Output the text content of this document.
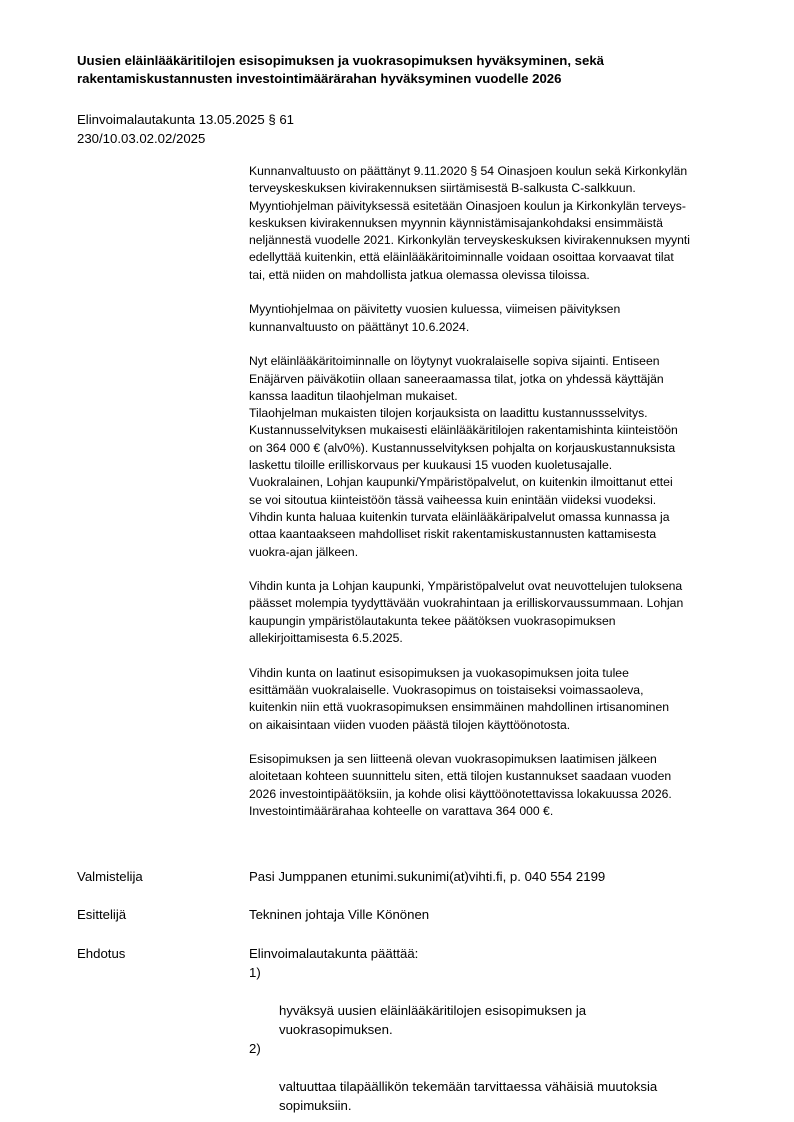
Uusien eläinlääkäritilojen esisopimuksen ja vuokrasopimuksen hyväksyminen, sekä rakentamiskustannusten investointimäärärahan hyväksyminen vuodelle 2026
Elinvoimalautakunta 13.05.2025 § 61
230/10.03.02.02/2025

Kunnanvaltuusto on päättänyt 9.11.2020 § 54 Oinasjoen koulun sekä Kirkonkylän
terveyskeskuksen kivirakennuksen siirtämisestä B-salkusta C-salkkuun.
Myyntiohjelman päivityksessä esitetään Oinasjoen koulun ja Kirkonkylän terveys-
keskuksen kivirakennuksen myynnin käynnistämisajankohdaksi ensimmäistä
neljännestä vuodelle 2021. Kirkonkylän terveyskeskuksen kivirakennuksen myynti
edellyttää kuitenkin, että eläinlääkäritoiminnalle voidaan osoittaa korvaavat tilat
tai, että niiden on mahdollista jatkua olemassa olevissa tiloissa.

Myyntiohjelmaa on päivitetty vuosien kuluessa, viimeisen päivityksen
kunnanvaltuusto on päättänyt 10.6.2024.

Nyt eläinlääkäritoiminnalle on löytynyt vuokralaiselle sopiva sijainti. Entiseen
Enäjärven päiväkotiin ollaan saneeraamassa tilat, jotka on yhdessä käyttäjän
kanssa laaditun tilaohjelman mukaiset.
Tilaohjelman mukaisten tilojen korjauksista on laadittu kustannussselvitys.
Kustannusselvityksen mukaisesti eläinlääkäritilojen rakentamishinta kiinteistöön
on 364 000 € (alv0%). Kustannusselvityksen pohjalta on korjauskustannuksista
laskettu tiloille erilliskorvaus per kuukausi 15 vuoden kuoletusajalle.
Vuokralainen, Lohjan kaupunki/Ympäristöpalvelut, on kuitenkin ilmoittanut ettei
se voi sitoutua kiinteistöön tässä vaiheessa kuin enintään viideksi vuodeksi.
Vihdin kunta haluaa kuitenkin turvata eläinlääkäripalvelut omassa kunnassa ja
ottaa kaantaakseen mahdolliset riskit rakentamiskustannusten kattamisesta
vuokra-ajan jälkeen.

Vihdin kunta ja Lohjan kaupunki, Ympäristöpalvelut ovat neuvottelujen tuloksena
päässet molempia tyydyttävään vuokrahintaan ja erilliskorvaussummaan. Lohjan
kaupungin ympäristölautakunta tekee päätöksen vuokrasopimuksen
allekirjoittamisesta 6.5.2025.

Vihdin kunta on laatinut esisopimuksen ja vuokasopimuksen joita tulee
esittämään vuokralaiselle. Vuokrasopimus on toistaiseksi voimassaoleva,
kuitenkin niin että vuokrasopimuksen ensimmäinen mahdollinen irtisanominen
on aikaisintaan viiden vuoden päästä tilojen käyttöönotosta.

Esisopimuksen ja sen liitteenä olevan vuokrasopimuksen laatimisen jälkeen
aloitetaan kohteen suunnittelu siten, että tilojen kustannukset saadaan vuoden
2026 investointipäätöksiin, ja kohde olisi käyttöönotettavissa lokakuussa 2026.
Investointimäärärahaa kohteelle on varattava 364 000 €.

Valmistelija	Pasi Jumppanen etunimi.sukunimi(at)vihti.fi, p. 040 554 2199
Esittelijä	Tekninen johtaja Ville Könönen
Ehdotus	Elinvoimalautakunta päättää:

1)

hyväksyä uusien eläinlääkäritilojen esisopimuksen ja
vuokrasopimuksen.

2)

valtuuttaa tilapäällikön tekemään tarvittaessa vähäisiä muutoksia
sopimuksiin.
